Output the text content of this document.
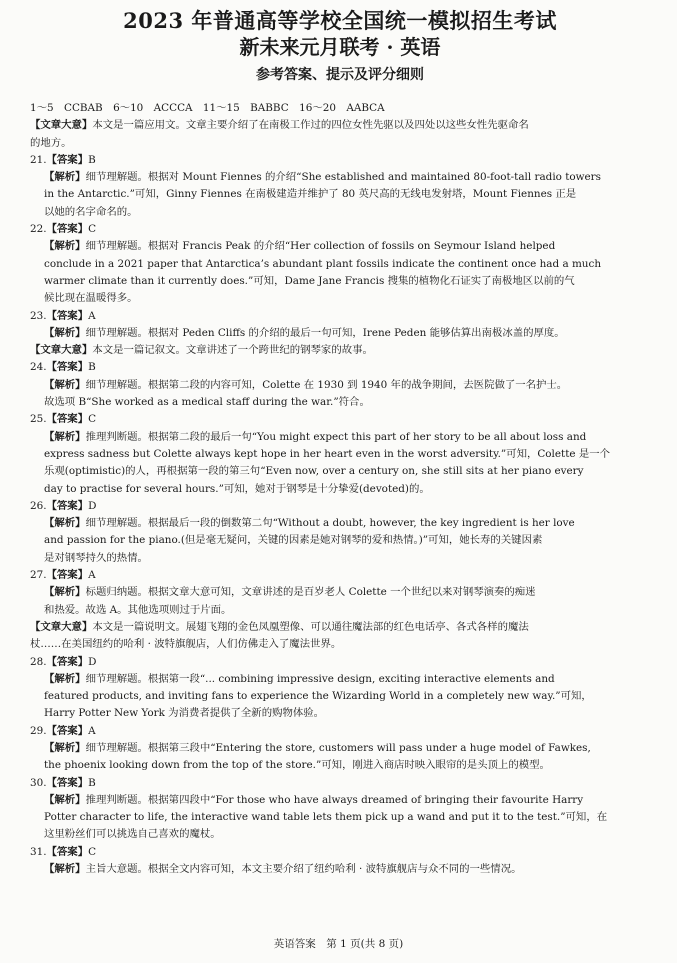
2023 年普通高等学校全国统一模拟招生考试
新未来元月联考 · 英语
参考答案、提示及评分细则
1～5　CCBAB　6～10　ACCCA　11～15　BABBC　16～20　AABCA
【文章大意】本文是一篇应用文。文章主要介绍了在南极工作过的四位女性先驱以及四处以这些女性先驱命名
的地方。
21.【答案】B
【解析】细节理解题。根据对 Mount Fiennes 的介绍“She established and maintained 80-foot-tall radio towers
in the Antarctic.”可知，Ginny Fiennes 在南极建造并维护了 80 英尺高的无线电发射塔，Mount Fiennes 正是
以她的名字命名的。
22.【答案】C
【解析】细节理解题。根据对 Francis Peak 的介绍“Her collection of fossils on Seymour Island helped
conclude in a 2021 paper that Antarctica’s abundant plant fossils indicate the continent once had a much
warmer climate than it currently does.”可知，Dame Jane Francis 搜集的植物化石证实了南极地区以前的气
候比现在温暖得多。
23.【答案】A
【解析】细节理解题。根据对 Peden Cliffs 的介绍的最后一句可知，Irene Peden 能够估算出南极冰盖的厚度。
【文章大意】本文是一篇记叙文。文章讲述了一个跨世纪的钢琴家的故事。
24.【答案】B
【解析】细节理解题。根据第二段的内容可知，Colette 在 1930 到 1940 年的战争期间，去医院做了一名护士。
故选项 B“She worked as a medical staff during the war.”符合。
25.【答案】C
【解析】推理判断题。根据第二段的最后一句“You might expect this part of her story to be all about loss and
express sadness but Colette always kept hope in her heart even in the worst adversity.”可知，Colette 是一个
乐观(optimistic)的人，再根据第一段的第三句“Even now, over a century on, she still sits at her piano every
day to practise for several hours.”可知，她对于钢琴是十分挚爱(devoted)的。
26.【答案】D
【解析】细节理解题。根据最后一段的倒数第二句“Without a doubt, however, the key ingredient is her love
and passion for the piano.(但是毫无疑问，关键的因素是她对钢琴的爱和热情。)”可知，她长寿的关键因素
是对钢琴持久的热情。
27.【答案】A
【解析】标题归纳题。根据文章大意可知，文章讲述的是百岁老人 Colette 一个世纪以来对钢琴演奏的痴迷
和热爱。故选 A。其他选项则过于片面。
【文章大意】本文是一篇说明文。展翅飞翔的金色凤凰塑像、可以通往魔法部的红色电话亭、各式各样的魔法
杖……在美国纽约的哈利 · 波特旗舰店，人们仿佛走入了魔法世界。
28.【答案】D
【解析】细节理解题。根据第一段“... combining impressive design, exciting interactive elements and
featured products, and inviting fans to experience the Wizarding World in a completely new way.”可知，
Harry Potter New York 为消费者提供了全新的购物体验。
29.【答案】A
【解析】细节理解题。根据第三段中“Entering the store, customers will pass under a huge model of Fawkes,
the phoenix looking down from the top of the store.”可知，刚进入商店时映入眼帘的是头顶上的模型。
30.【答案】B
【解析】推理判断题。根据第四段中“For those who have always dreamed of bringing their favourite Harry
Potter character to life, the interactive wand table lets them pick up a wand and put it to the test.”可知，在
这里粉丝们可以挑选自己喜欢的魔杖。
31.【答案】C
【解析】主旨大意题。根据全文内容可知，本文主要介绍了纽约哈利 · 波特旗舰店与众不同的一些情况。
英语答案　第 1 页(共 8 页)
